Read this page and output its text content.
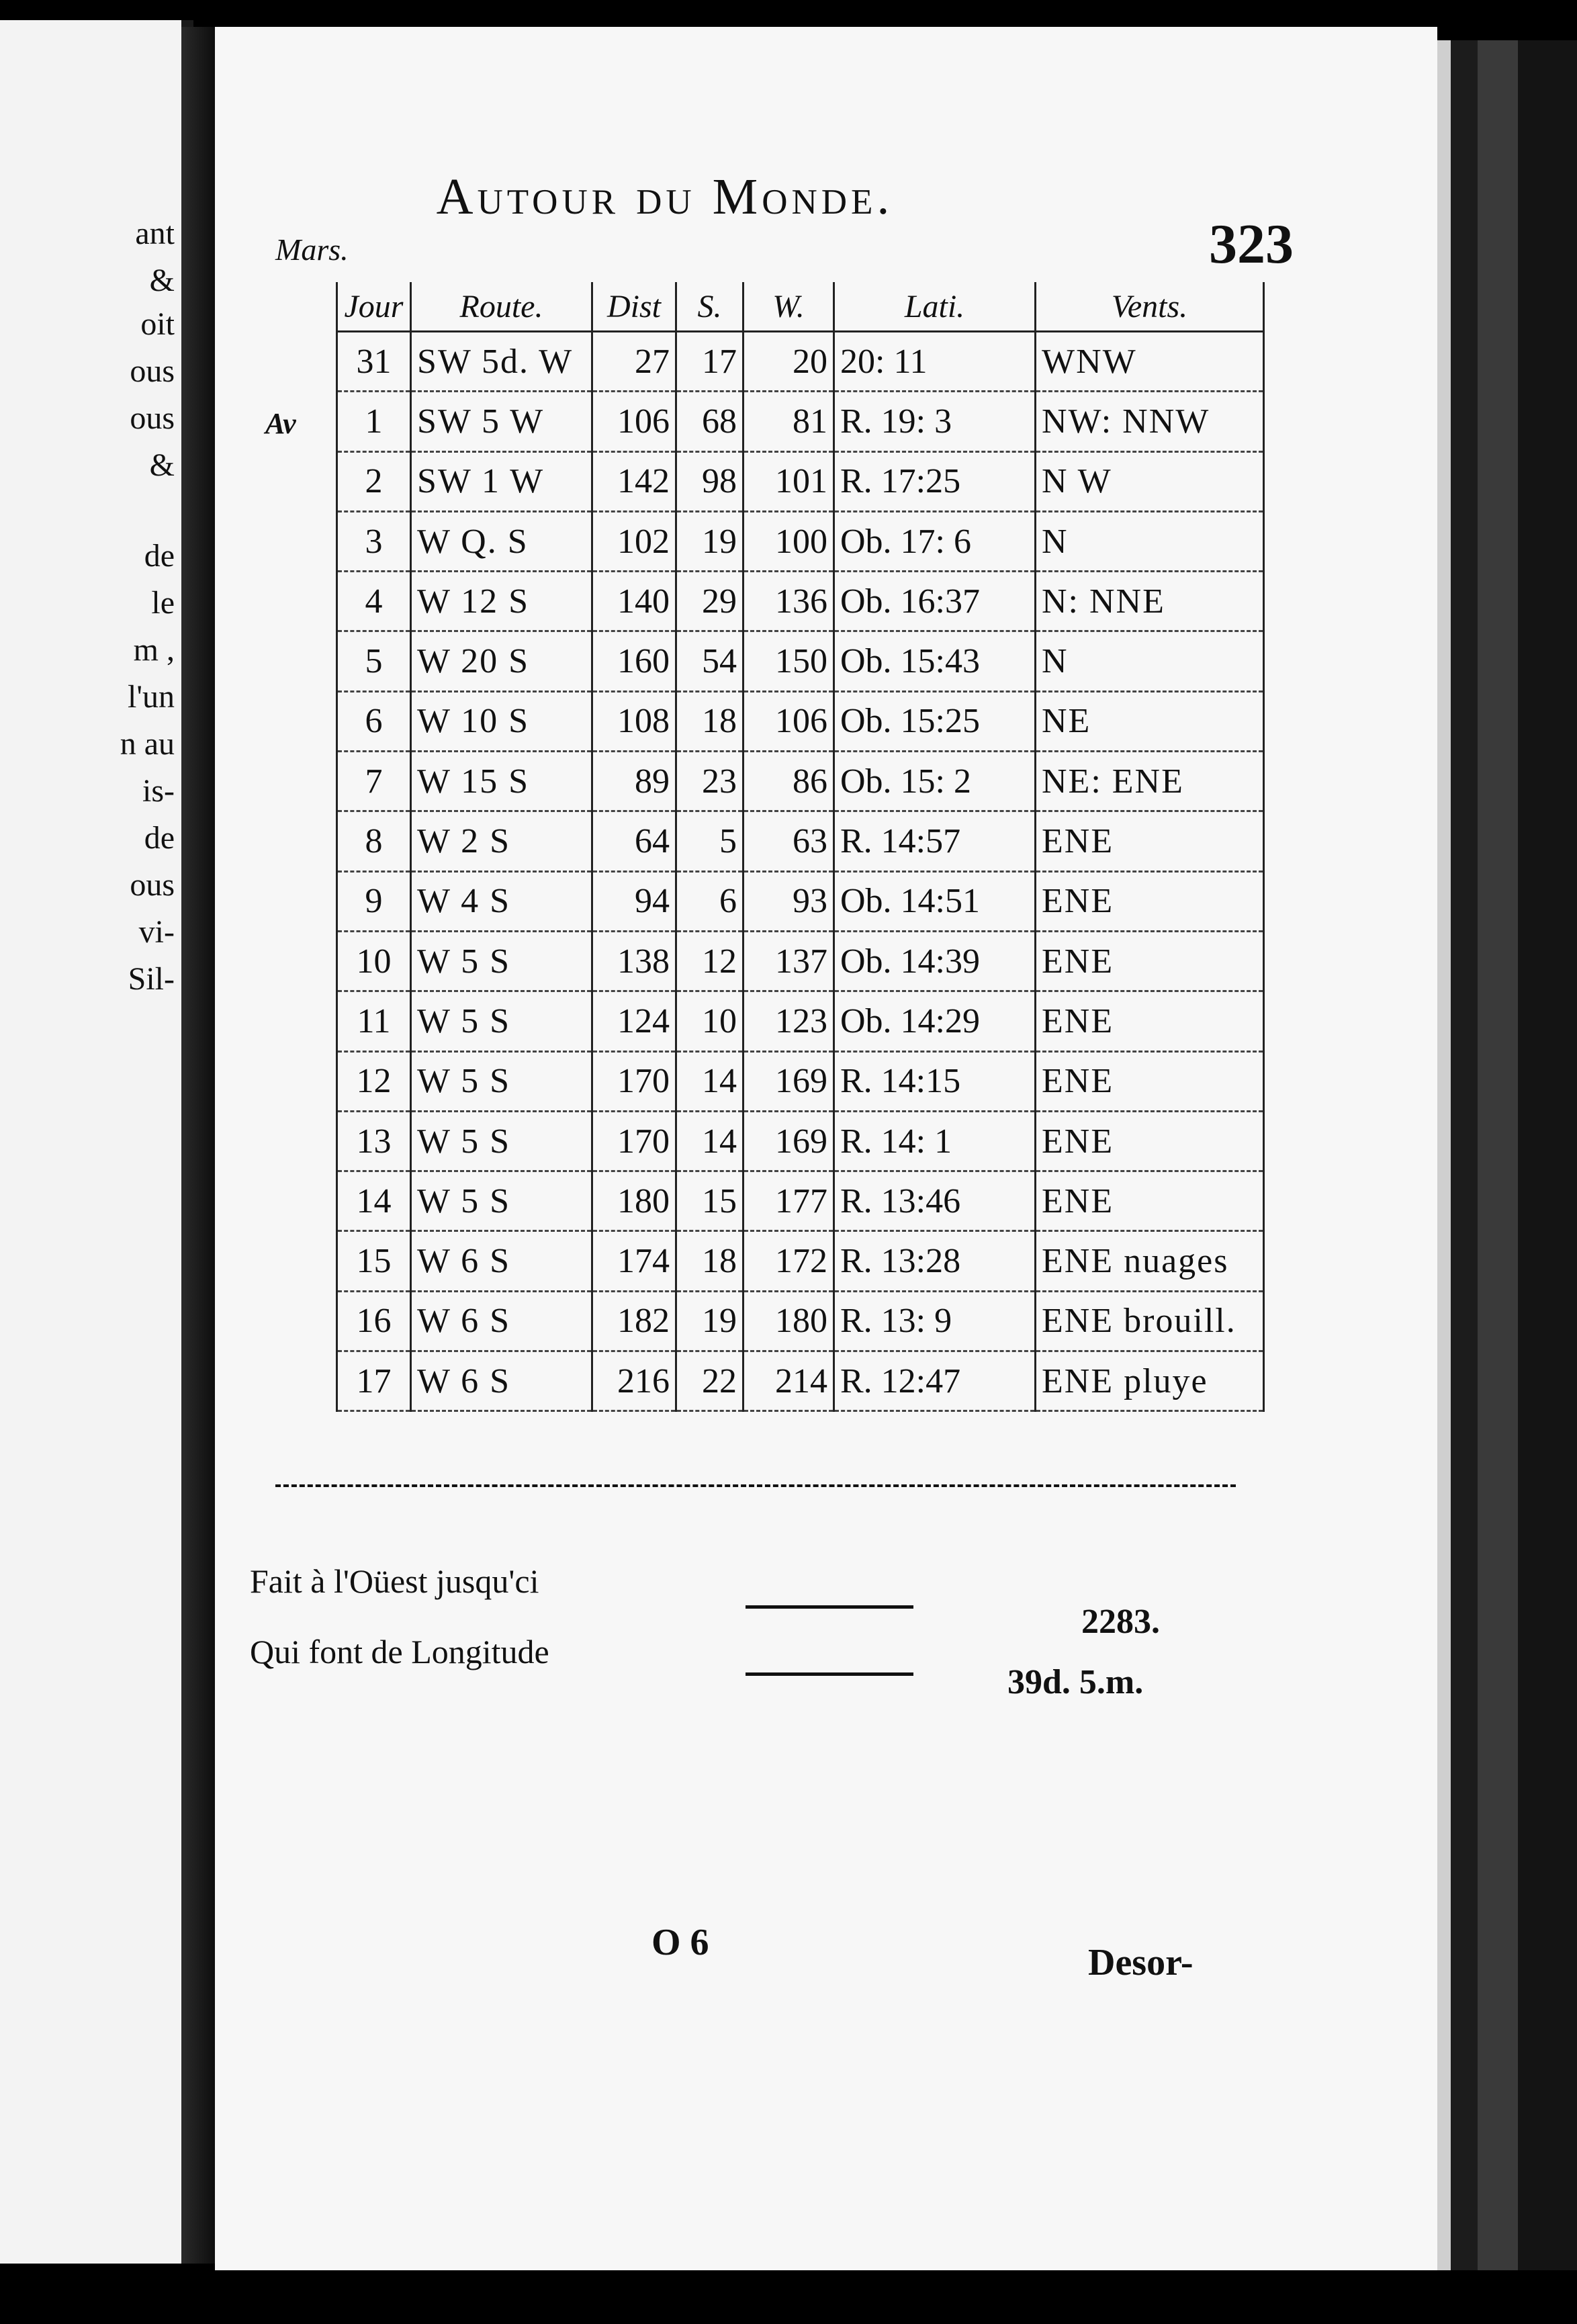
ant
&
oit
ous
ous
&
de
le
m ,
l'un
n au
is-
de
ous
vi-
Sil-
Autour du Monde.
323
Mars.
Av
Jour	Route.	Dist	S.	W.	Lati.	Vents.
31	SW 5d. W	27	17	20	20: 11	WNW
1	SW 5 W	106	68	81	R. 19: 3	NW: NNW
2	SW 1 W	142	98	101	R. 17:25	N W
3	W Q. S	102	19	100	Ob. 17: 6	N
4	W 12 S	140	29	136	Ob. 16:37	N: NNE
5	W 20 S	160	54	150	Ob. 15:43	N
6	W 10 S	108	18	106	Ob. 15:25	NE
7	W 15 S	89	23	86	Ob. 15: 2	NE: ENE
8	W 2 S	64	5	63	R. 14:57	ENE
9	W 4 S	94	6	93	Ob. 14:51	ENE
10	W 5 S	138	12	137	Ob. 14:39	ENE
11	W 5 S	124	10	123	Ob. 14:29	ENE
12	W 5 S	170	14	169	R. 14:15	ENE
13	W 5 S	170	14	169	R. 14: 1	ENE
14	W 5 S	180	15	177	R. 13:46	ENE
15	W 6 S	174	18	172	R. 13:28	ENE nuages
16	W 6 S	182	19	180	R. 13: 9	ENE brouill.
17	W 6 S	216	22	214	R. 12:47	ENE pluye
Fait à l'Oüest jusqu'ci
2283.
Qui font de Longitude
39d. 5.m.
O 6	Desor-
